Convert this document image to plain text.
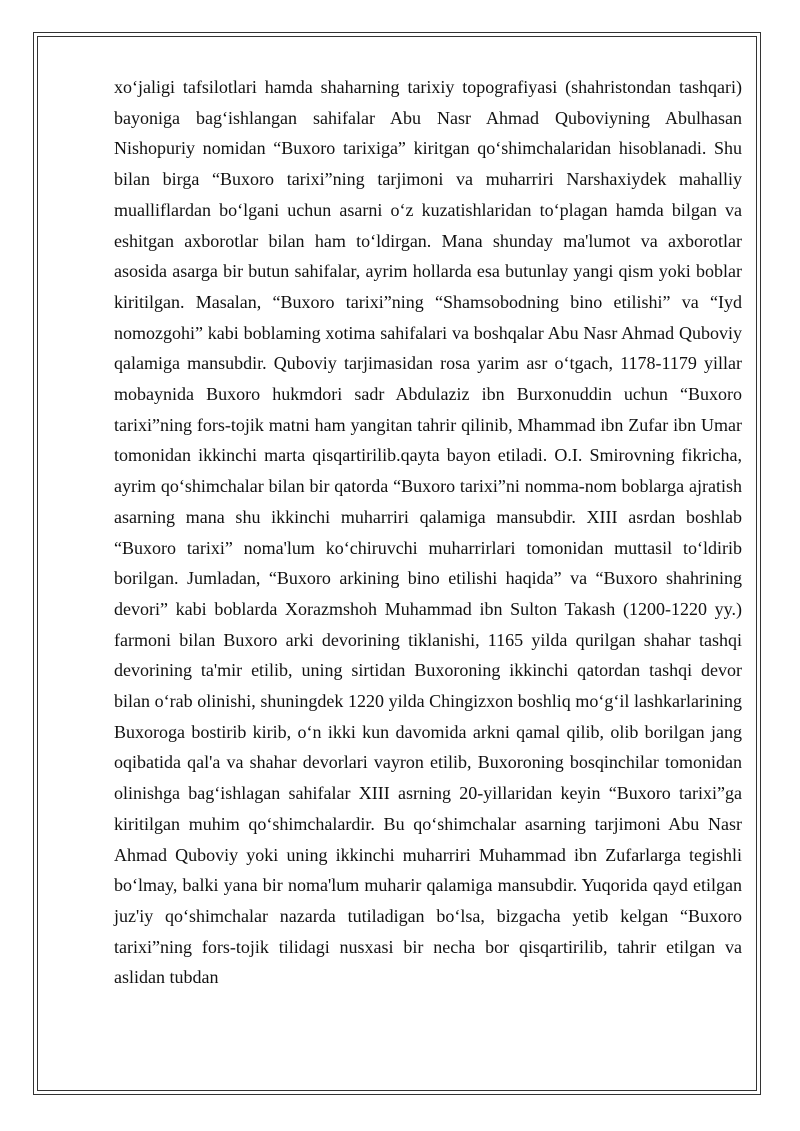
xo‘jaligi tafsilotlari hamda shaharning tarixiy topografiyasi (shahristondan tashqari) bayoniga bag‘ishlangan sahifalar Abu Nasr Ahmad Quboviyning Abulhasan Nishopuriy nomidan “Buxoro tarixiga” kiritgan qo‘shimchalaridan hisoblanadi. Shu bilan birga “Buxoro tarixi”ning tarjimoni va muharriri Narshaxiydek mahalliy mualliflardan bo‘lgani uchun asarni o‘z kuzatishlaridan to‘plagan hamda bilgan va eshitgan axborotlar bilan ham to‘ldirgan. Mana shunday ma'lumot va axborotlar asosida asarga bir butun sahifalar, ayrim hollarda esa butunlay yangi qism yoki boblar kiritilgan. Masalan, “Buxoro tarixi”ning “Shamsobodning bino etilishi” va “Iyd nomozgohi” kabi boblaming xotima sahifalari va boshqalar Abu Nasr Ahmad Quboviy qalamiga mansubdir. Quboviy tarjimasidan rosa yarim asr o‘tgach, 1178-1179 yillar mobaynida Buxoro hukmdori sadr Abdulaziz ibn Burxonuddin uchun “Buxoro tarixi”ning fors-tojik matni ham yangitan tahrir qilinib, Mhammad ibn Zufar ibn Umar tomonidan ikkinchi marta qisqartirilib.qayta bayon etiladi. O.I. Smirovning fikricha, ayrim qo‘shimchalar bilan bir qatorda “Buxoro tarixi”ni nomma-nom boblarga ajratish asarning mana shu ikkinchi muharriri qalamiga mansubdir. XIII asrdan boshlab “Buxoro tarixi” noma'lum ko‘chiruvchi muharrirlari tomonidan muttasil to‘ldirib borilgan. Jumladan, “Buxoro arkining bino etilishi haqida” va “Buxoro shahrining devori” kabi boblarda Xorazmshoh Muhammad ibn Sulton Takash (1200-1220 yy.) farmoni bilan Buxoro arki devorining tiklanishi, 1165 yilda qurilgan shahar tashqi devorining ta'mir etilib, uning sirtidan Buxoroning ikkinchi qatordan tashqi devor bilan o‘rab olinishi, shuningdek 1220 yilda Chingizxon boshliq mo‘g‘il lashkarlarining Buxoroga bostirib kirib, o‘n ikki kun davomida arkni qamal qilib, olib borilgan jang oqibatida qal'a va shahar devorlari vayron etilib, Buxoroning bosqinchilar tomonidan olinishga bag‘ishlagan sahifalar XIII asrning 20-yillaridan keyin “Buxoro tarixi”ga kiritilgan muhim qo‘shimchalardir. Bu qo‘shimchalar asarning tarjimoni Abu Nasr Ahmad Quboviy yoki uning ikkinchi muharriri Muhammad ibn Zufarlarga tegishli bo‘lmay, balki yana bir noma'lum muharir qalamiga mansubdir. Yuqorida qayd etilgan juz'iy qo‘shimchalar nazarda tutiladigan bo‘lsa, bizgacha yetib kelgan “Buxoro tarixi”ning fors-tojik tilidagi nusxasi bir necha bor qisqartirilib, tahrir etilgan va aslidan tubdan
